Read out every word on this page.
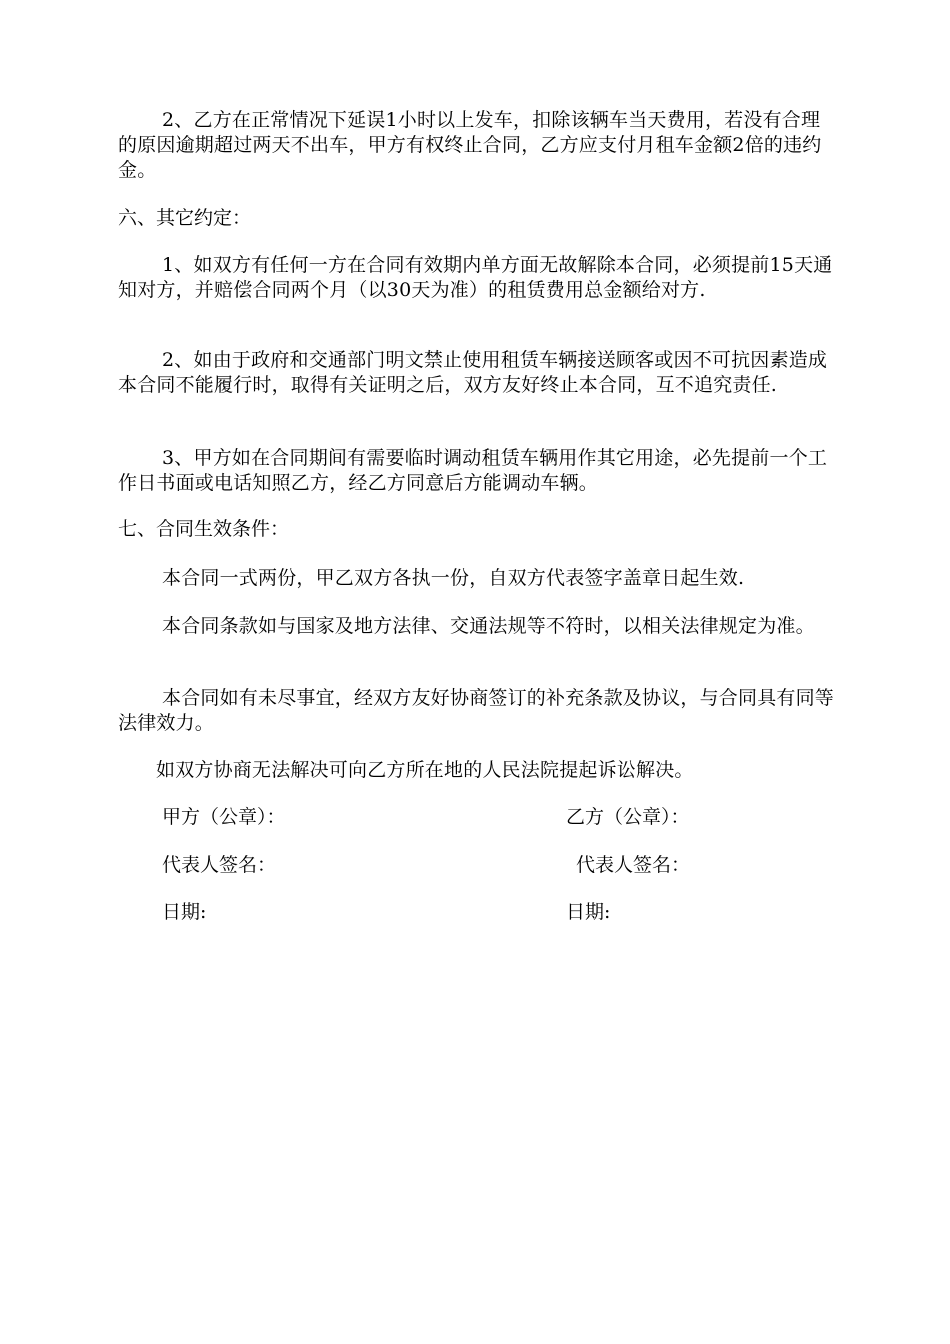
2、乙方在正常情况下延误1小时以上发车，扣除该辆车当天费用，若没有合理的原因逾期超过两天不出车，甲方有权终止合同，乙方应支付月租车金额2倍的违约金。

六、其它约定：

1、如双方有任何一方在合同有效期内单方面无故解除本合同，必须提前15天通知对方，并赔偿合同两个月（以30天为准）的租赁费用总金额给对方.

2、如由于政府和交通部门明文禁止使用租赁车辆接送顾客或因不可抗因素造成本合同不能履行时，取得有关证明之后，双方友好终止本合同，互不追究责任.

3、甲方如在合同期间有需要临时调动租赁车辆用作其它用途，必先提前一个工作日书面或电话知照乙方，经乙方同意后方能调动车辆。

七、合同生效条件：

本合同一式两份，甲乙双方各执一份，自双方代表签字盖章日起生效.

本合同条款如与国家及地方法律、交通法规等不符时，以相关法律规定为准。

本合同如有未尽事宜，经双方友好协商签订的补充条款及协议，与合同具有同等法律效力。

如双方协商无法解决可向乙方所在地的人民法院提起诉讼解决。

甲方（公章）：	乙方（公章）：

代表人签名：	代表人签名：

日期:	日期:
